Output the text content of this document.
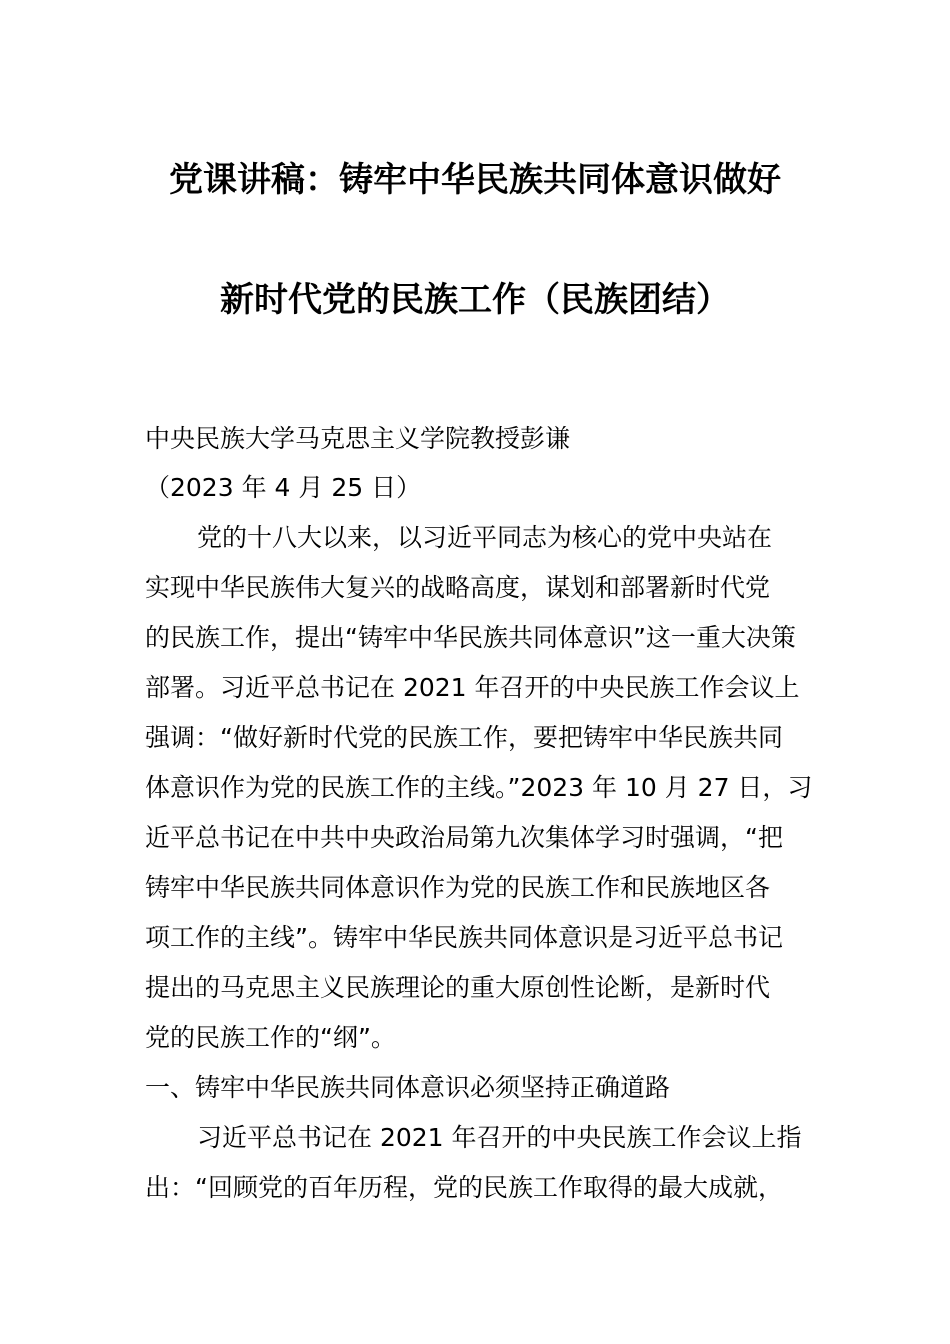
党课讲稿：铸牢中华民族共同体意识做好
新时代党的民族工作（民族团结）
中央民族大学马克思主义学院教授彭谦
（2023 年 4 月 25 日）
党的十八大以来，以习近平同志为核心的党中央站在
实现中华民族伟大复兴的战略高度，谋划和部署新时代党
的民族工作，提出“铸牢中华民族共同体意识”这一重大决策
部署。习近平总书记在 2021 年召开的中央民族工作会议上
强调：“做好新时代党的民族工作，要把铸牢中华民族共同
体意识作为党的民族工作的主线。”2023 年 10 月 27 日，习
近平总书记在中共中央政治局第九次集体学习时强调，“把
铸牢中华民族共同体意识作为党的民族工作和民族地区各
项工作的主线”。铸牢中华民族共同体意识是习近平总书记
提出的马克思主义民族理论的重大原创性论断，是新时代
党的民族工作的“纲”。
一、铸牢中华民族共同体意识必须坚持正确道路
习近平总书记在 2021 年召开的中央民族工作会议上指
出：“回顾党的百年历程，党的民族工作取得的最大成就，
